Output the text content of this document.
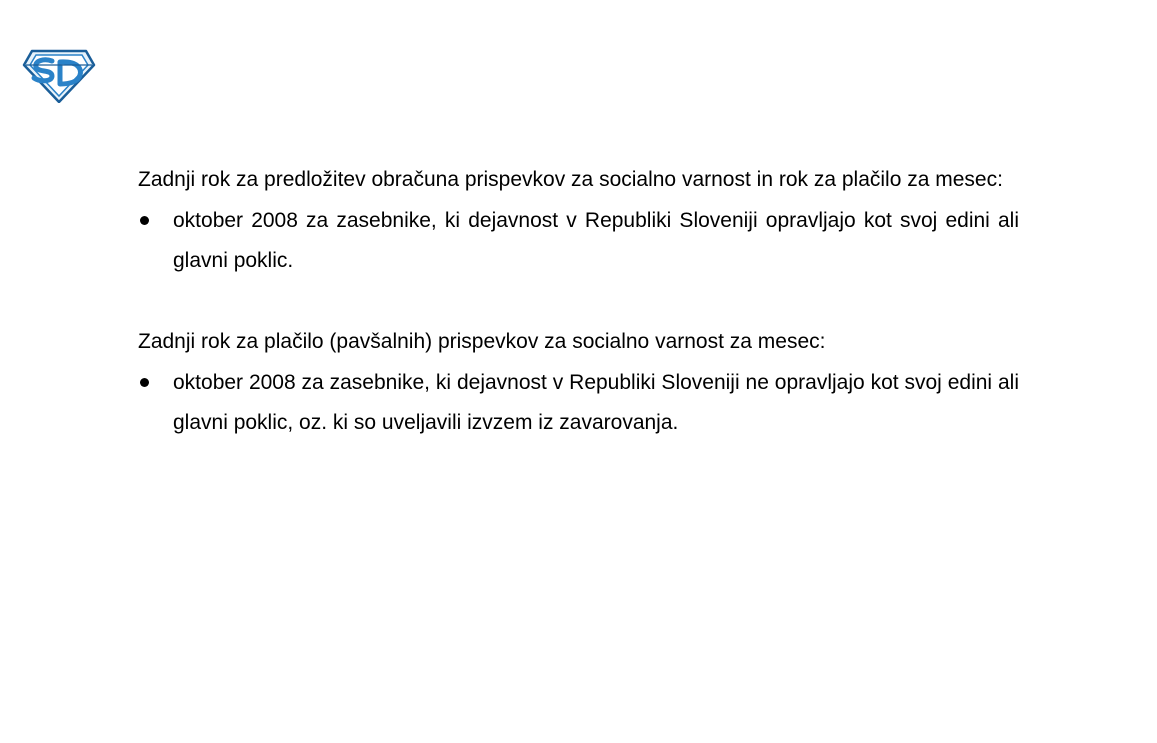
Zadnji rok za predložitev obračuna prispevkov za socialno varnost in rok za plačilo za mesec:

oktober 2008 za zasebnike, ki dejavnost v Republiki Sloveniji opravljajo kot svoj edini ali glavni poklic.

Zadnji rok za plačilo (pavšalnih) prispevkov za socialno varnost za mesec:

oktober 2008 za zasebnike, ki dejavnost v Republiki Sloveniji ne opravljajo kot svoj edini ali glavni poklic, oz. ki so uveljavili izvzem iz zavarovanja.
